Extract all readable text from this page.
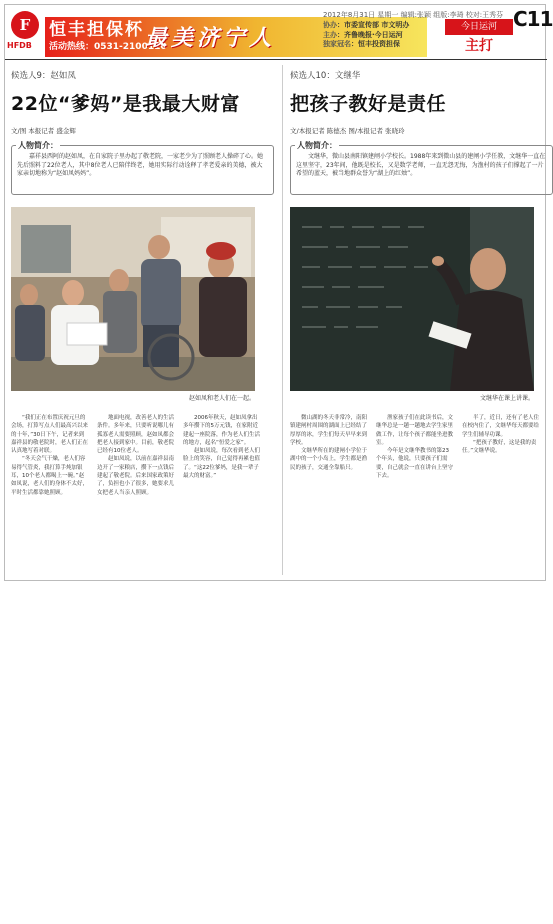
F
HFDB
恒丰担保杯
活动热线：0531-2100110
最美济宁人
2012年8月31日 星期一 编辑:张颖 组版:李琦 校对:王秀芬
协办：市委宣传部 市文明办
主办：齐鲁晚报·今日运河
独家冠名：恒丰投资担保
今日运河
主打
C11
候选人9：赵如凤
22位“爹妈”是我最大财富
文/图 本报记者 盛金辉
人物简介：
嘉祥县西阿的赵如凤，在自家院子里办起了敬老院，一家老少为了照顾老人操碎了心。她先后照料了22位老人，其中8位老人已陪伴终老，她用实际行动诠释了孝老爱亲的美德，被大家亲切地称为“赵如凤妈妈”。
赵如凤和老人们在一起。

“我们正在布置庆祝元旦的会场，打算写点人们最高兴以来的十年，”30日下午，记者来到嘉祥县的敬老院时，老人们正在认真地写着对联。

“冬天会气干燥，老人们容易得气管炎，我打算手炖加银耳，10个老人都喝上一碗。”赵如凤说，老人们的身体不太好，平时生活都靠她照顾。

地面电视，改善老人的生活条件。多年来，只要听说哪儿有孤寡老人需要照顾，赵如凤都会把老人接到家中。目前，敬老院已经有10位老人。

赵如凤说，以前在嘉祥县南边开了一家粮店，攒下一点钱后建起了敬老院。后来国家政策好了，负担也小了很多，她要求儿女把老人当亲人照顾。

2006年秋天，赵如凤拿出多年攒下的5万元钱，在家附近建起一座院落，作为老人们生活的地方，起名“恒爱之家”。

赵如凤说，每次看到老人们脸上的笑容，自己觉得再累也值了。“这22位爹妈，是我一辈子最大的财富。”

候选人10：文继华
把孩子教好是责任
文/本报记者 陈德杰 图/本报记者 张晓玲
人物简介：
文继华，微山县南阳镇建闸小学校长。1988年来到微山县的建闸小学任教，文继华一直在这里坚守，23年间，他既是校长，又是数学老师，一直无怨无悔，为渔村的孩子们撑起了一片希望的蓝天，被当地群众誉为“湖上的红烛”。
文继华在课上讲课。

微山湖的冬天非常冷，南阳镇建闸村周围的湖面上已经结了厚厚的冰，学生们每天早早来到学校。

文继华所在的建闸小学位于湖中的一个小岛上，学生都是渔民的孩子，交通全靠船只。

渔家孩子们在此读书后，文继华总是一趟一趟地去学生家里做工作，让每个孩子都能坐进教室。

今年是文继华教书的第23个年头，他说，只要孩子们需要，自己就会一直在讲台上坚守下去。

半了，近日，还有了老人住在校内住了，文继华每天都要给学生们辅导功课。

“把孩子教好，这是我的责任。”文继华说。
